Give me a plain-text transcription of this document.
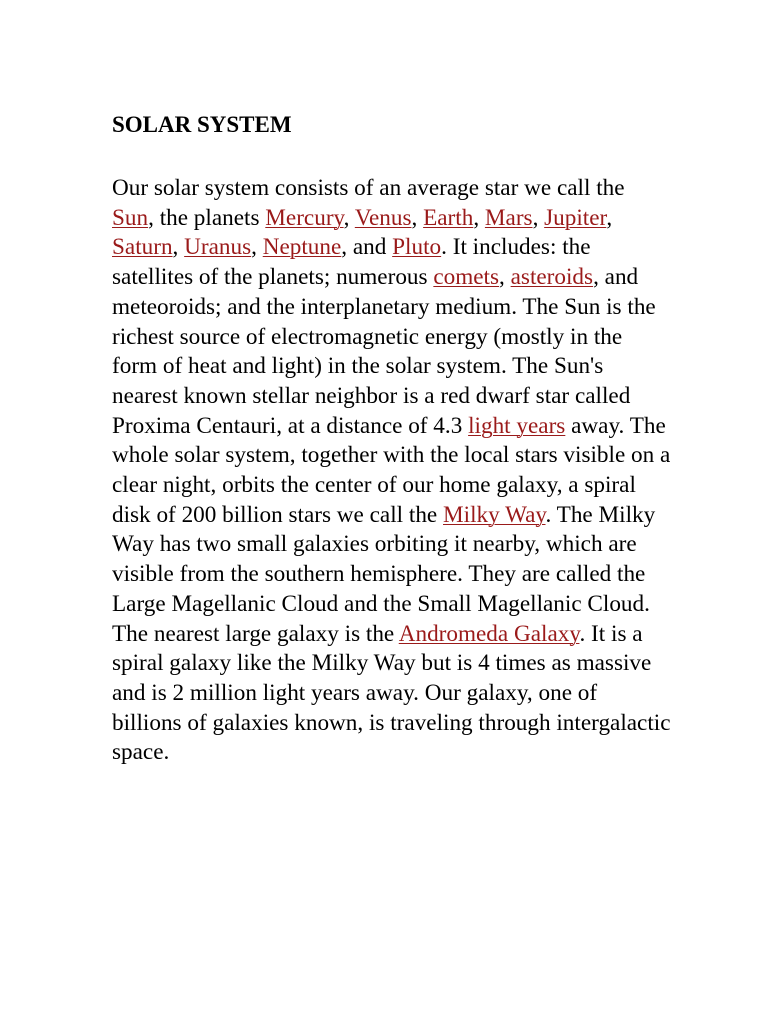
SOLAR SYSTEM

Our solar system consists of an average star we call the Sun, the planets Mercury, Venus, Earth, Mars, Jupiter, Saturn, Uranus, Neptune, and Pluto. It includes: the satellites of the planets; numerous comets, asteroids, and meteoroids; and the interplanetary medium. The Sun is the richest source of electromagnetic energy (mostly in the form of heat and light) in the solar system. The Sun's nearest known stellar neighbor is a red dwarf star called Proxima Centauri, at a distance of 4.3 light years away. The whole solar system, together with the local stars visible on a clear night, orbits the center of our home galaxy, a spiral disk of 200 billion stars we call the Milky Way. The Milky Way has two small galaxies orbiting it nearby, which are visible from the southern hemisphere. They are called the Large Magellanic Cloud and the Small Magellanic Cloud. The nearest large galaxy is the Andromeda Galaxy. It is a spiral galaxy like the Milky Way but is 4 times as massive and is 2 million light years away. Our galaxy, one of billions of galaxies known, is traveling through intergalactic space.
